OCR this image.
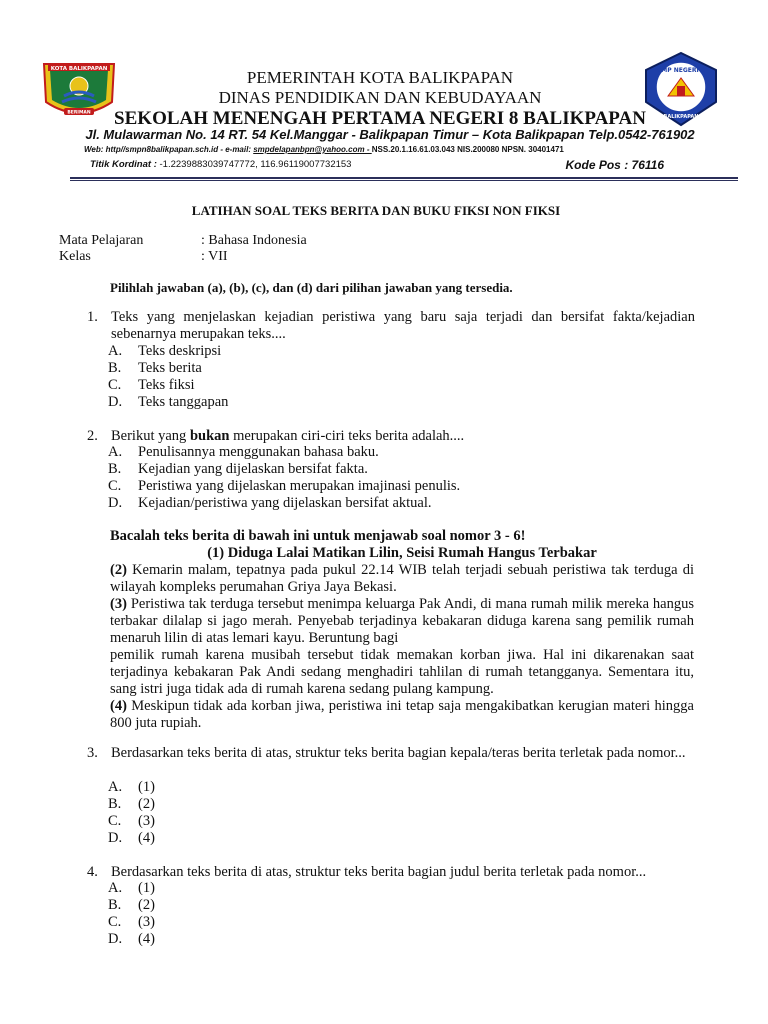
KOTA BALIKPAPAN
BERIMAN
SMP NEGERI 8
BALIKPAPAN
PEMERINTAH KOTA BALIKPAPAN
DINAS PENDIDIKAN DAN KEBUDAYAAN
SEKOLAH MENENGAH PERTAMA NEGERI 8 BALIKPAPAN
Jl. Mulawarman No. 14 RT. 54 Kel.Manggar - Balikpapan Timur – Kota Balikpapan Telp.0542-761902
Web: http//smpn8balikpapan.sch.id - e-mail: smpdelapanbpn@yahoo.com - NSS.20.1.16.61.03.043 NIS.200080 NPSN. 30401471
Titik Kordinat : -1.2239883039747772, 116.96119007732153	Kode Pos : 76116
LATIHAN SOAL TEKS BERITA DAN BUKU FIKSI NON FIKSI
Mata Pelajaran	: Bahasa Indonesia
Kelas	: VII
Pilihlah jawaban (a), (b), (c), dan (d) dari pilihan jawaban yang tersedia.
1. Teks yang menjelaskan kejadian peristiwa yang baru saja terjadi dan bersifat fakta/kejadian sebenarnya merupakan teks....
A. Teks deskripsi
B. Teks berita
C. Teks fiksi
D. Teks tanggapan
2. Berikut yang bukan merupakan ciri-ciri teks berita adalah....
A. Penulisannya menggunakan bahasa baku.
B. Kejadian yang dijelaskan bersifat fakta.
C. Peristiwa yang dijelaskan merupakan imajinasi penulis.
D. Kejadian/peristiwa yang dijelaskan bersifat aktual.
Bacalah teks berita di bawah ini untuk menjawab soal nomor 3 - 6!
(1) Diduga Lalai Matikan Lilin, Seisi Rumah Hangus Terbakar
(2) Kemarin malam, tepatnya pada pukul 22.14 WIB telah terjadi sebuah peristiwa tak terduga di wilayah kompleks perumahan Griya Jaya Bekasi.
(3) Peristiwa tak terduga tersebut menimpa keluarga Pak Andi, di mana rumah milik mereka hangus terbakar dilalap si jago merah. Penyebab terjadinya kebakaran diduga karena sang pemilik rumah menaruh lilin di atas lemari kayu. Beruntung bagi
pemilik rumah karena musibah tersebut tidak memakan korban jiwa. Hal ini dikarenakan saat terjadinya kebakaran Pak Andi sedang menghadiri tahlilan di rumah tetangganya. Sementara itu, sang istri juga tidak ada di rumah karena sedang pulang kampung.
(4) Meskipun tidak ada korban jiwa, peristiwa ini tetap saja mengakibatkan kerugian materi hingga 800 juta rupiah.
3. Berdasarkan teks berita di atas, struktur teks berita bagian kepala/teras berita terletak pada nomor...
A. (1)
B. (2)
C. (3)
D. (4)
4. Berdasarkan teks berita di atas, struktur teks berita bagian judul berita terletak pada nomor...
A. (1)
B. (2)
C. (3)
D. (4)
